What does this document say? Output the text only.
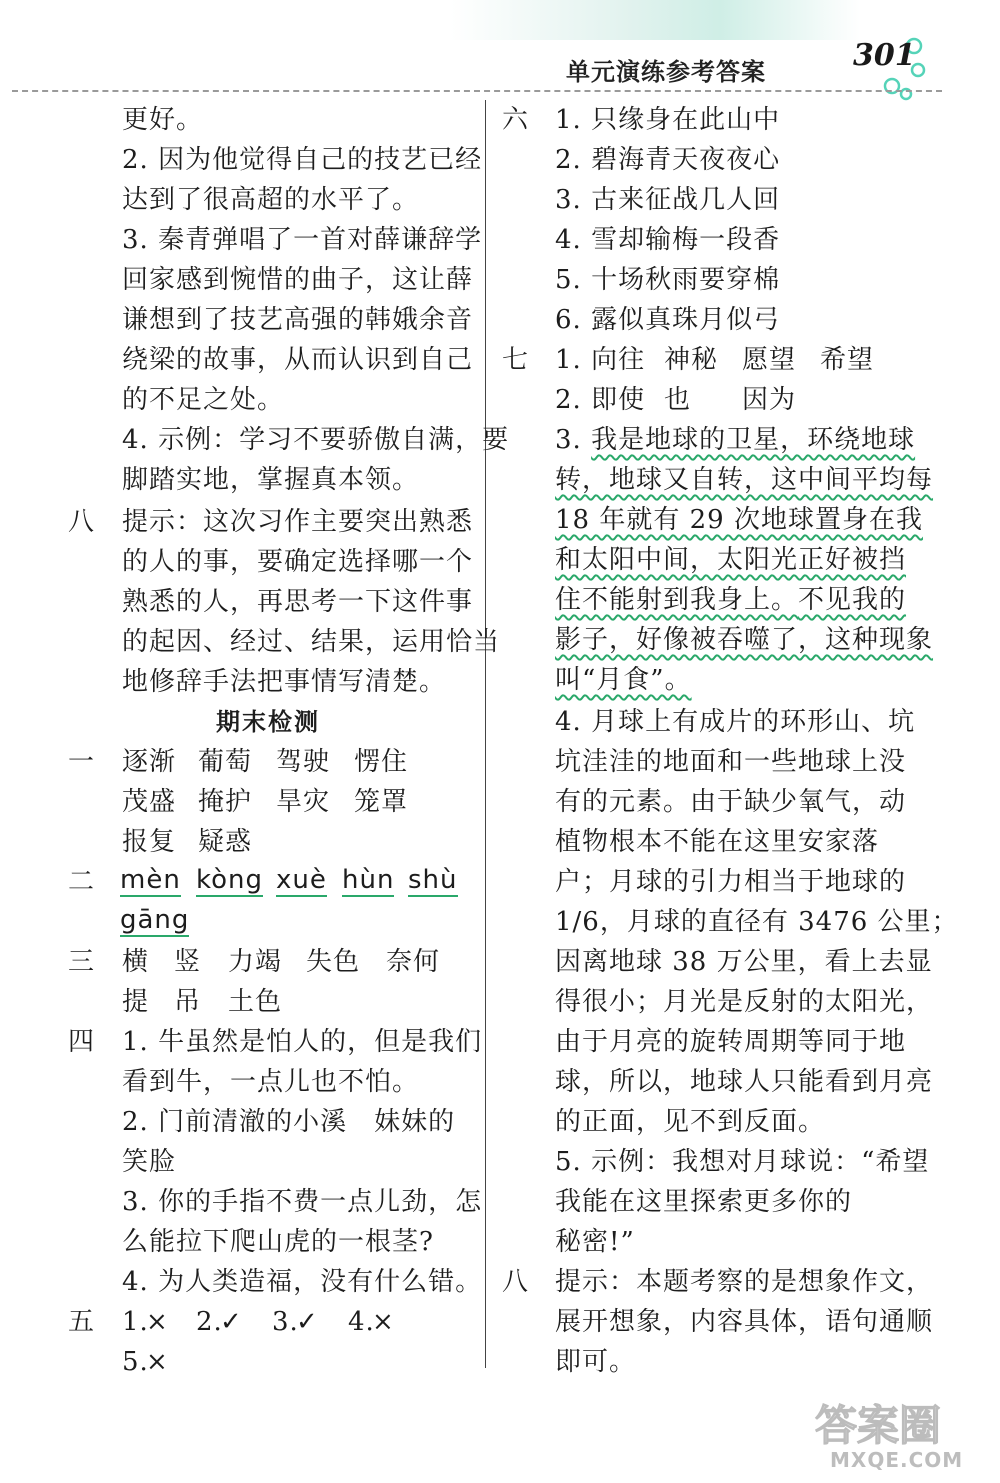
单元演练参考答案	301
更好。
2. 因为他觉得自己的技艺已经
达到了很高超的水平了。
3. 秦青弹唱了一首对薛谦辞学
回家感到惋惜的曲子，这让薛
谦想到了技艺高强的韩娥余音
绕梁的故事，从而认识到自己
的不足之处。
4. 示例：学习不要骄傲自满，要
脚踏实地，掌握真本领。
八 提示：这次习作主要突出熟悉
的人的事，要确定选择哪一个
熟悉的人，再思考一下这件事
的起因、经过、结果，运用恰当
地修辞手法把事情写清楚。
期末检测
一 逐渐 葡萄 驾驶 愣住
茂盛 掩护 旱灾 笼罩
报复 疑惑
二 mèn kòng xuè hùn shù
gāng
三 横 竖 力竭 失色 奈何
提 吊 土色
四 1. 牛虽然是怕人的，但是我们
看到牛，一点儿也不怕。
2. 门前清澈的小溪　妹妹的
笑脸
3. 你的手指不费一点儿劲，怎
么能拉下爬山虎的一根茎?
4. 为人类造福，没有什么错。
五 1.
× 2.
✓ 3.
✓ 4.
×
5.
×
六 1. 只缘身在此山中
2. 碧海青天夜夜心
3. 古来征战几人回
4. 雪却输梅一段香
5. 十场秋雨要穿棉
6. 露似真珠月似弓
七 1. 向往 神秘 愿望 希望
2. 即使 也 因为
3. 我是地球的卫星，环绕地球
转，地球又自转，这中间平均每
18 年就有 29 次地球置身在我
和太阳中间，太阳光正好被挡
住不能射到我身上。不见我的
影子，好像被吞噬了，这种现象
叫“月食”。
4. 月球上有成片的环形山、坑
坑洼洼的地面和一些地球上没
有的元素。由于缺少氧气，动
植物根本不能在这里安家落
户；月球的引力相当于地球的
1/6，月球的直径有 3476 公里；
因离地球 38 万公里，看上去显
得很小；月光是反射的太阳光，
由于月亮的旋转周期等同于地
球，所以，地球人只能看到月亮
的正面，见不到反面。
5. 示例：我想对月球说：“希望
我能在这里探索更多你的
秘密!”
八 提示：本题考察的是想象作文，
展开想象，内容具体，语句通顺
即可。
答案圈
MXQE.COM
